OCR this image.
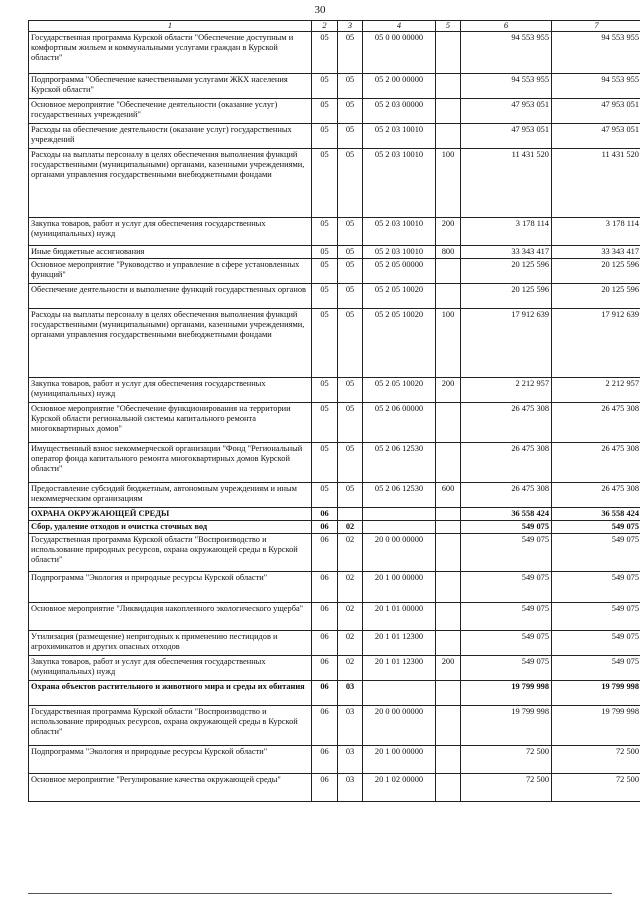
30
1	2	3	4	5	6	7
Государственная программа Курской области "Обеспечение доступным и комфортным жильем и коммунальными услугами граждан в Курской области"	05	05	05 0 00 00000		94 553 955	94 553 955
Подпрограмма "Обеспечение качественными услугами ЖКХ населения Курской области"	05	05	05 2 00 00000		94 553 955	94 553 955
Основное мероприятие "Обеспечение деятельности (оказание услуг) государственных учреждений"	05	05	05 2 03 00000		47 953 051	47 953 051
Расходы на обеспечение деятельности (оказание услуг) государственных учреждений	05	05	05 2 03 10010		47 953 051	47 953 051
Расходы на выплаты персоналу в целях обеспечения выполнения функций государственными (муниципальными) органами, казенными учреждениями, органами управления государственными внебюджетными фондами	05	05	05 2 03 10010	100	11 431 520	11 431 520
Закупка товаров, работ и услуг для обеспечения государственных (муниципальных) нужд	05	05	05 2 03 10010	200	3 178 114	3 178 114
Иные бюджетные ассигнования	05	05	05 2 03 10010	800	33 343 417	33 343 417
Основное мероприятие "Руководство и управление в сфере установленных функций"	05	05	05 2 05 00000		20 125 596	20 125 596
Обеспечение деятельности и выполнение функций государственных органов	05	05	05 2 05 10020		20 125 596	20 125 596
Расходы на выплаты персоналу в целях обеспечения выполнения функций государственными (муниципальными) органами, казенными учреждениями, органами управления государственными внебюджетными фондами	05	05	05 2 05 10020	100	17 912 639	17 912 639
Закупка товаров, работ и услуг для обеспечения государственных (муниципальных) нужд	05	05	05 2 05 10020	200	2 212 957	2 212 957
Основное мероприятие "Обеспечение функционирования на территории Курской области региональной системы капитального ремонта многоквартирных домов"	05	05	05 2 06 00000		26 475 308	26 475 308
Имущественный взнос некоммерческой организации "Фонд "Региональный оператор фонда капитального ремонта многоквартирных домов Курской области"	05	05	05 2 06 12530		26 475 308	26 475 308
Предоставление субсидий бюджетным, автономным учреждениям и иным некоммерческим организациям	05	05	05 2 06 12530	600	26 475 308	26 475 308
ОХРАНА ОКРУЖАЮЩЕЙ СРЕДЫ	06				36 558 424	36 558 424
Сбор, удаление отходов и очистка сточных вод	06	02			549 075	549 075
Государственная программа Курской области "Воспроизводство и использование природных ресурсов, охрана окружающей среды в Курской области"	06	02	20 0 00 00000		549 075	549 075
Подпрограмма "Экология и природные ресурсы Курской области"	06	02	20 1 00 00000		549 075	549 075
Основное мероприятие "Ликвидация накопленного экологического ущерба"	06	02	20 1 01 00000		549 075	549 075
Утилизация (размещение) непригодных к применению пестицидов и агрохимикатов и других опасных отходов	06	02	20 1 01 12300		549 075	549 075
Закупка товаров, работ и услуг для обеспечения государственных (муниципальных) нужд	06	02	20 1 01 12300	200	549 075	549 075
Охрана объектов растительного и животного мира и среды их обитания	06	03			19 799 998	19 799 998
Государственная программа Курской области "Воспроизводство и использование природных ресурсов, охрана окружающей среды в Курской области"	06	03	20 0 00 00000		19 799 998	19 799 998
Подпрограмма "Экология и природные ресурсы Курской области"	06	03	20 1 00 00000		72 500	72 500
Основное мероприятие "Регулирование качества окружающей среды"	06	03	20 1 02 00000		72 500	72 500
